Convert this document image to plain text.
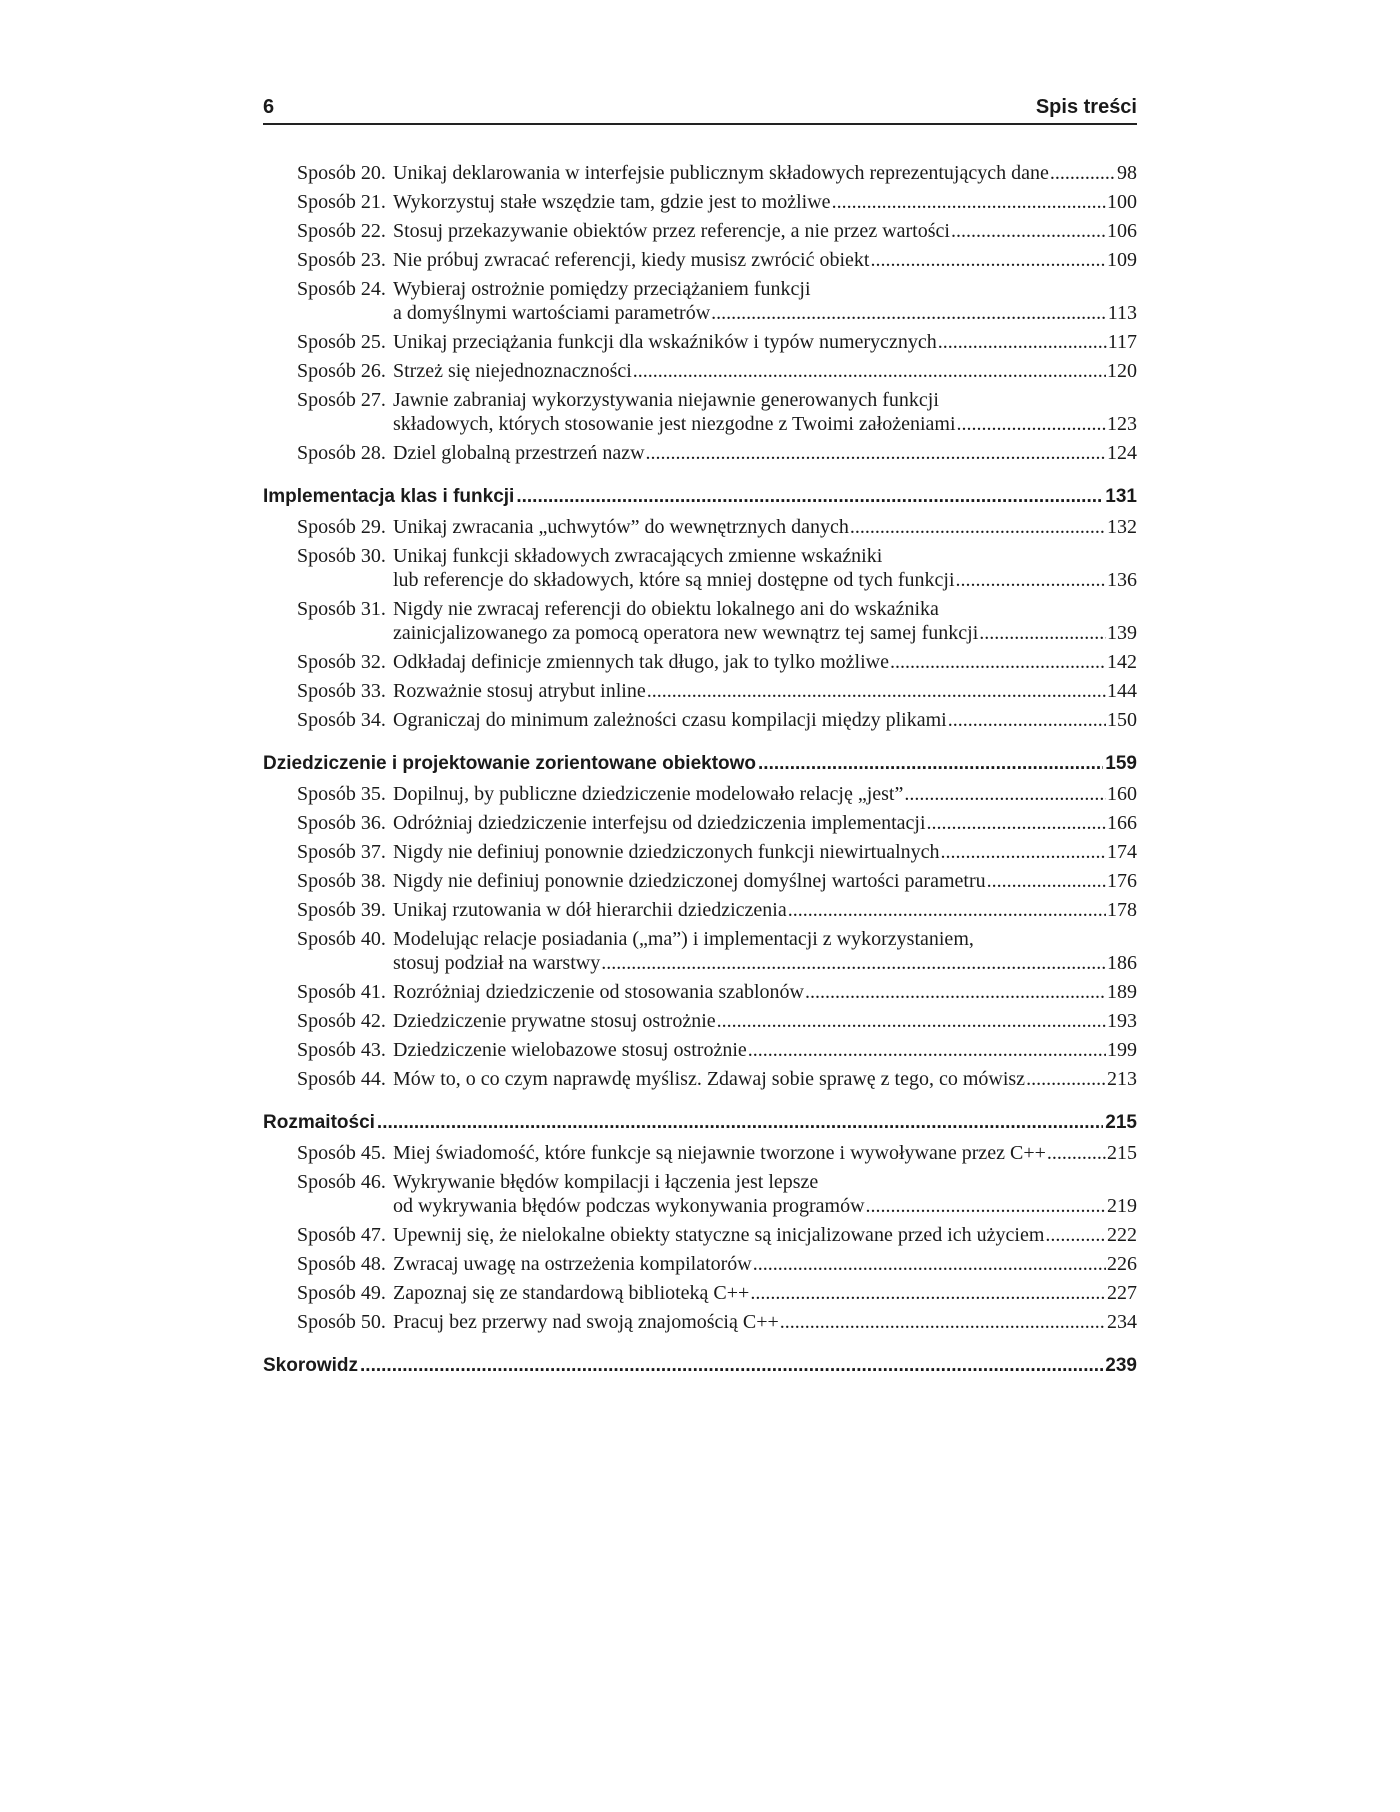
6	Spis treści
Sposób 20. Unikaj deklarowania w interfejsie publicznym składowych reprezentujących dane .....	98
Sposób 21. Wykorzystuj stałe wszędzie tam, gdzie jest to możliwe .....	100
Sposób 22. Stosuj przekazywanie obiektów przez referencje, a nie przez wartości .....	106
Sposób 23. Nie próbuj zwracać referencji, kiedy musisz zwrócić obiekt .....	109
Sposób 24. Wybieraj ostrożnie pomiędzy przeciążaniem funkcji
a domyślnymi wartościami parametrów .....	113
Sposób 25. Unikaj przeciążania funkcji dla wskaźników i typów numerycznych .....	117
Sposób 26. Strzeż się niejednoznaczności .....	120
Sposób 27. Jawnie zabraniaj wykorzystywania niejawnie generowanych funkcji
składowych, których stosowanie jest niezgodne z Twoimi założeniami .....	123
Sposób 28. Dziel globalną przestrzeń nazw .....	124
Implementacja klas i funkcji .....	131
Sposób 29. Unikaj zwracania „uchwytów” do wewnętrznych danych .....	132
Sposób 30. Unikaj funkcji składowych zwracających zmienne wskaźniki
lub referencje do składowych, które są mniej dostępne od tych funkcji .....	136
Sposób 31. Nigdy nie zwracaj referencji do obiektu lokalnego ani do wskaźnika
zainicjalizowanego za pomocą operatora new wewnątrz tej samej funkcji .....	139
Sposób 32. Odkładaj definicje zmiennych tak długo, jak to tylko możliwe .....	142
Sposób 33. Rozważnie stosuj atrybut inline .....	144
Sposób 34. Ograniczaj do minimum zależności czasu kompilacji między plikami .....	150
Dziedziczenie i projektowanie zorientowane obiektowo .....	159
Sposób 35. Dopilnuj, by publiczne dziedziczenie modelowało relację „jest” .....	160
Sposób 36. Odróżniaj dziedziczenie interfejsu od dziedziczenia implementacji .....	166
Sposób 37. Nigdy nie definiuj ponownie dziedziczonych funkcji niewirtualnych .....	174
Sposób 38. Nigdy nie definiuj ponownie dziedziczonej domyślnej wartości parametru .....	176
Sposób 39. Unikaj rzutowania w dół hierarchii dziedziczenia .....	178
Sposób 40. Modelując relacje posiadania („ma”) i implementacji z wykorzystaniem,
stosuj podział na warstwy .....	186
Sposób 41. Rozróżniaj dziedziczenie od stosowania szablonów .....	189
Sposób 42. Dziedziczenie prywatne stosuj ostrożnie .....	193
Sposób 43. Dziedziczenie wielobazowe stosuj ostrożnie .....	199
Sposób 44. Mów to, o co czym naprawdę myślisz. Zdawaj sobie sprawę z tego, co mówisz .....	213
Rozmaitości .....	215
Sposób 45. Miej świadomość, które funkcje są niejawnie tworzone i wywoływane przez C++ .....	215
Sposób 46. Wykrywanie błędów kompilacji i łączenia jest lepsze
od wykrywania błędów podczas wykonywania programów .....	219
Sposób 47. Upewnij się, że nielokalne obiekty statyczne są inicjalizowane przed ich użyciem .....	222
Sposób 48. Zwracaj uwagę na ostrzeżenia kompilatorów .....	226
Sposób 49. Zapoznaj się ze standardową biblioteką C++ .....	227
Sposób 50. Pracuj bez przerwy nad swoją znajomością C++ .....	234
Skorowidz .....	239
